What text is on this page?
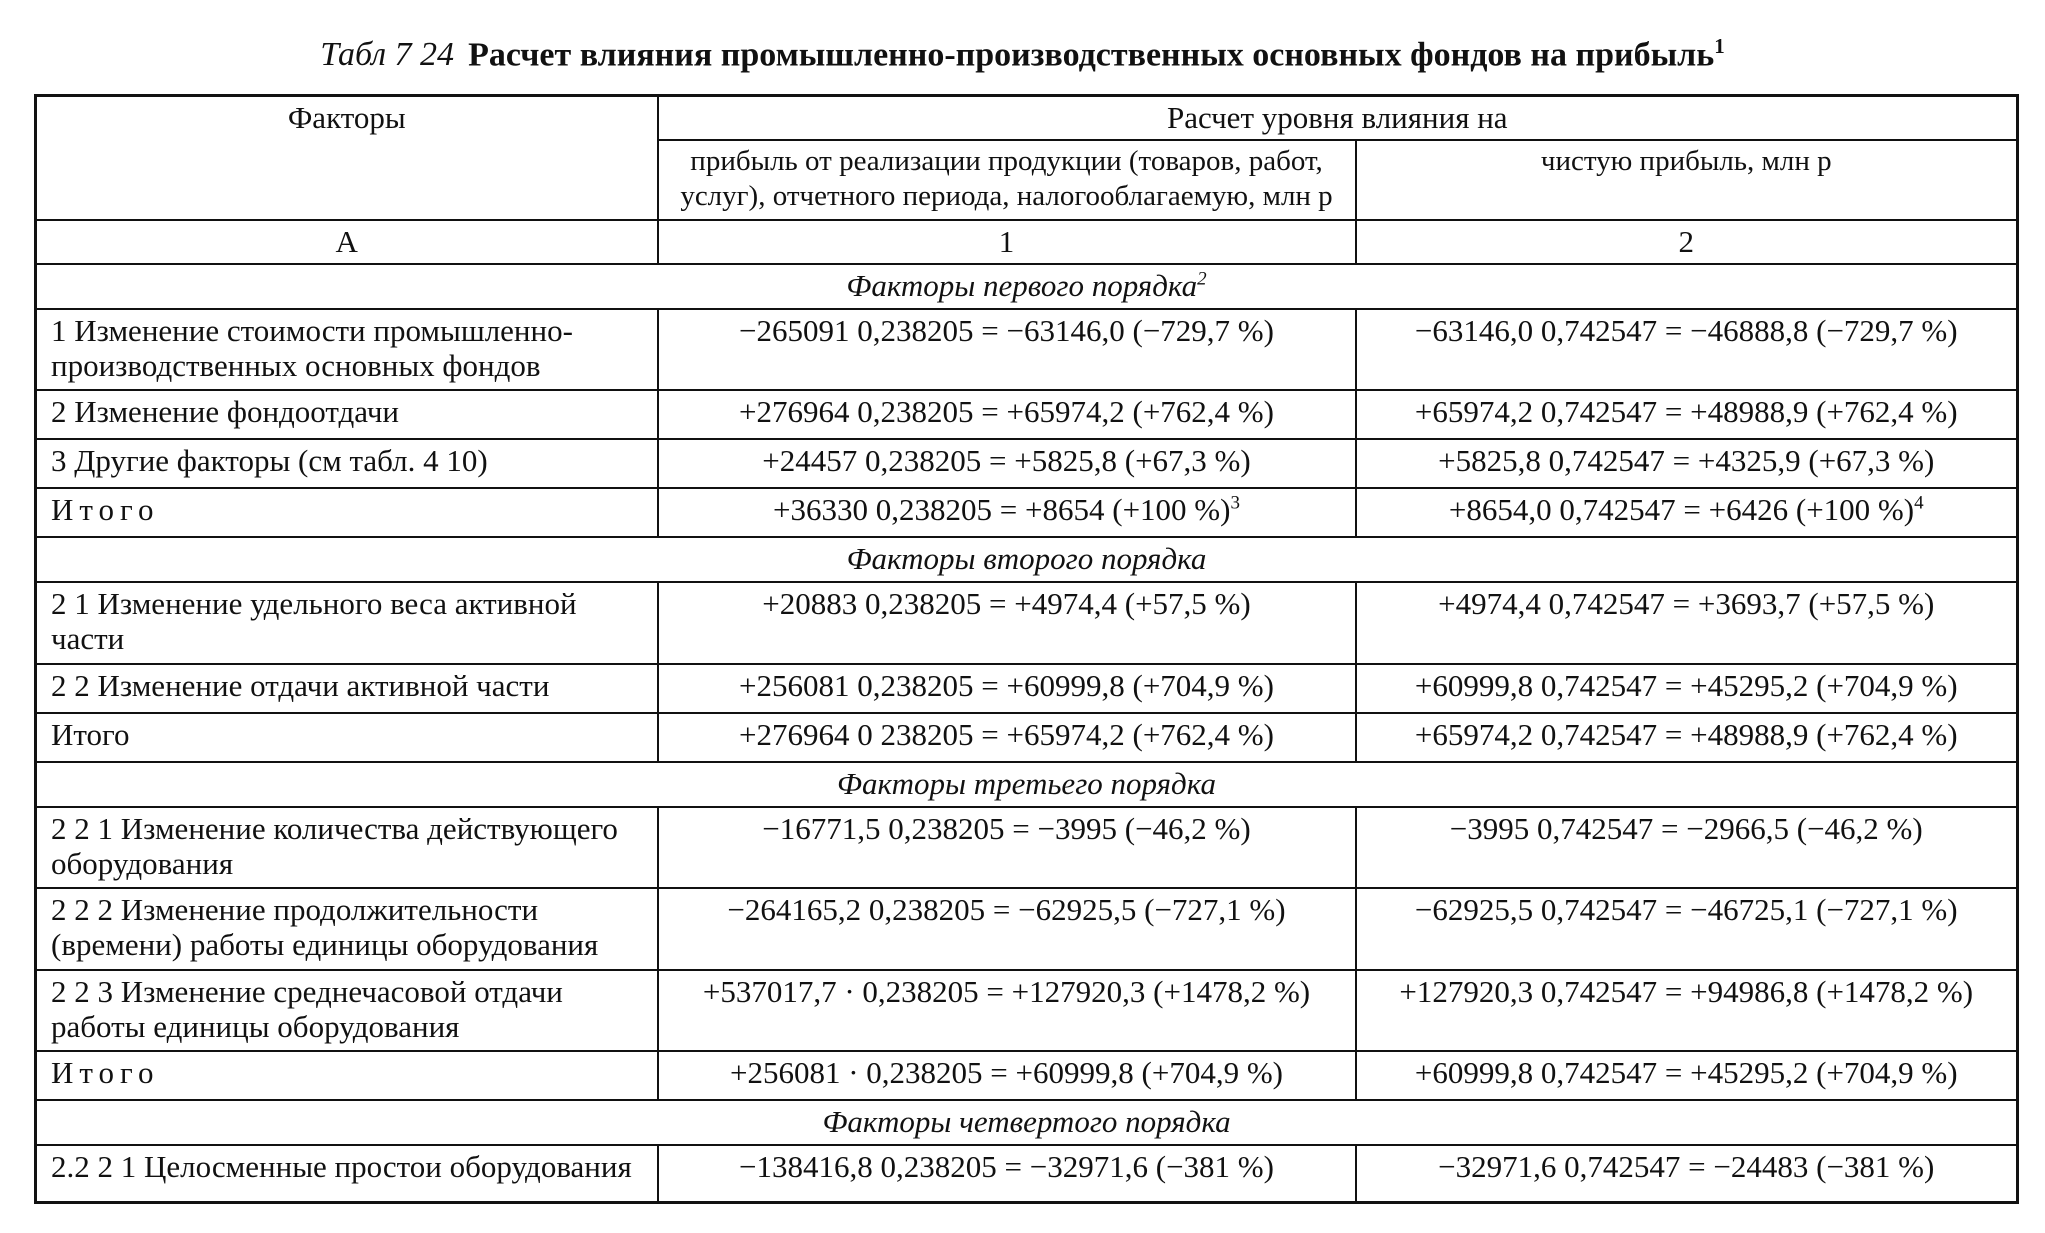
Табл 7 24 Расчет влияния промышленно-производственных основных фондов на прибыль$^1$
Факторы	Расчет уровня влияния на	
	прибыль от реализации продукции (товаров, работ, услуг), отчетного периода, налогооблагаемую, млн р	чистую прибыль, млн р
А	1	2
Факторы первого порядка$^2$
1 Изменение стоимости промышленно-производственных основных фондов	−265091 0,238205 = −63146,0 (−729,7 %)	−63146,0 0,742547 = −46888,8 (−729,7 %)
2 Изменение фондоотдачи	+276964 0,238205 = +65974,2 (+762,4 %)	+65974,2 0,742547 = +48988,9 (+762,4 %)
3 Другие факторы (см табл. 4 10)	+24457 0,238205 = +5825,8 (+67,3 %)	+5825,8 0,742547 = +4325,9 (+67,3 %)
Итого	+36330 0,238205 = +8654 (+100 %)$^3$	+8654,0 0,742547 = +6426 (+100 %)$^4$
Факторы второго порядка		
2 1 Изменение удельного веса активной части	+20883 0,238205 = +4974,4 (+57,5 %)	+4974,4 0,742547 = +3693,7 (+57,5 %)
2 2 Изменение отдачи активной части	+256081 0,238205 = +60999,8 (+704,9 %)	+60999,8 0,742547 = +45295,2 (+704,9 %)
Итого	+276964 0 238205 = +65974,2 (+762,4 %)	+65974,2 0,742547 = +48988,9 (+762,4 %)
Факторы третьего порядка		
2 2 1 Изменение количества действующего оборудования	−16771,5 0,238205 = −3995 (−46,2 %)	−3995 0,742547 = −2966,5 (−46,2 %)
2 2 2 Изменение продолжительности (времени) работы единицы оборудования	−264165,2 0,238205 = −62925,5 (−727,1 %)	−62925,5 0,742547 = −46725,1 (−727,1 %)
2 2 3 Изменение среднечасовой отдачи работы единицы оборудования	+537017,7 · 0,238205 = +127920,3 (+1478,2 %)	+127920,3 0,742547 = +94986,8 (+1478,2 %)
Итого	+256081 · 0,238205 = +60999,8 (+704,9 %)	+60999,8 0,742547 = +45295,2 (+704,9 %)
Факторы четвертого порядка		
2.2 2 1 Целосменные простои оборудования	−138416,8 0,238205 = −32971,6 (−381 %)	−32971,6 0,742547 = −24483 (−381 %)
